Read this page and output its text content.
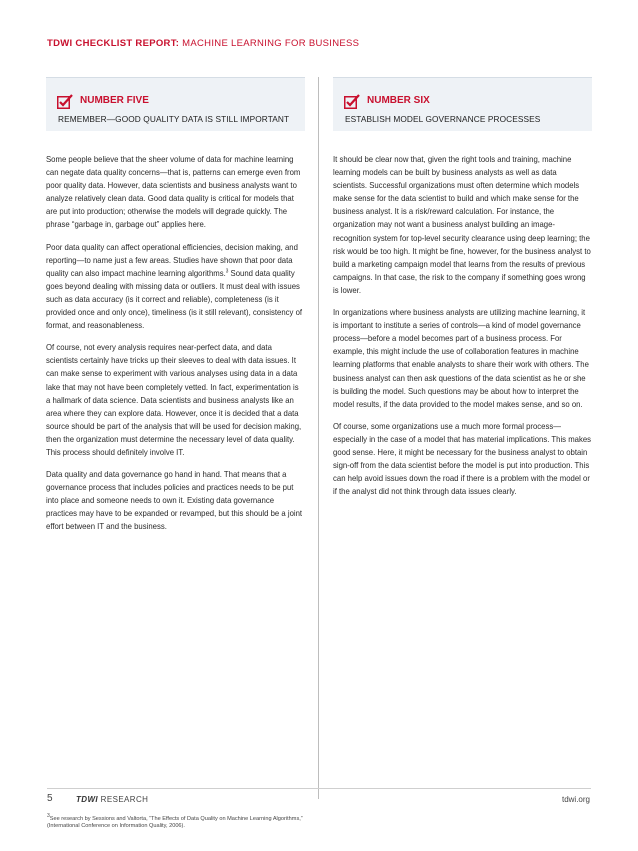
TDWI CHECKLIST REPORT: MACHINE LEARNING FOR BUSINESS
NUMBER FIVE
REMEMBER—GOOD QUALITY DATA IS STILL IMPORTANT

Some people believe that the sheer volume of data for machine learning can negate data quality concerns—that is, patterns can emerge even from poor quality data. However, data scientists and business analysts want to analyze relatively clean data. Good data quality is critical for models that are put into production; otherwise the models will degrade quickly. The phrase “garbage in, garbage out” applies here.

Poor data quality can affect operational efficiencies, decision making, and reporting—to name just a few areas. Studies have shown that poor data quality can also impact machine learning algorithms.$^3$ Sound data quality goes beyond dealing with missing data or outliers. It must deal with issues such as data accuracy (is it correct and reliable), completeness (is it provided once and only once), timeliness (is it still relevant), consistency of format, and reasonableness.

Of course, not every analysis requires near-perfect data, and data scientists certainly have tricks up their sleeves to deal with data issues. It can make sense to experiment with various analyses using data in a data lake that may not have been completely vetted. In fact, experimentation is a hallmark of data science. Data scientists and business analysts like an area where they can explore data. However, once it is decided that a data source should be part of the analysis that will be used for decision making, then the organization must determine the necessary level of data quality. This process should definitely involve IT.

Data quality and data governance go hand in hand. That means that a governance process that includes policies and practices needs to be put into place and someone needs to own it. Existing data governance practices may have to be expanded or revamped, but this should be a joint effort between IT and the business.

NUMBER SIX
ESTABLISH MODEL GOVERNANCE PROCESSES

It should be clear now that, given the right tools and training, machine learning models can be built by business analysts as well as data scientists. Successful organizations must often determine which models make sense for the data scientist to build and which make sense for the business analyst. It is a risk/reward calculation. For instance, the organization may not want a business analyst building an image-recognition system for top-level security clearance using deep learning; the risk would be too high. It might be fine, however, for the business analyst to build a marketing campaign model that learns from the results of previous campaigns. In that case, the risk to the company if something goes wrong is lower.

In organizations where business analysts are utilizing machine learning, it is important to institute a series of controls—a kind of model governance process—before a model becomes part of a business process. For example, this might include the use of collaboration features in machine learning platforms that enable analysts to share their work with others. The business analyst can then ask questions of the data scientist as he or she is building the model. Such questions may be about how to interpret the model results, if the data provided to the model makes sense, and so on.

Of course, some organizations use a much more formal process—especially in the case of a model that has material implications. This makes good sense. Here, it might be necessary for the business analyst to obtain sign-off from the data scientist before the model is put into production. This can help avoid issues down the road if there is a problem with the model or if the analyst did not think through data issues clearly.

5	TDWI RESEARCH	tdwi.org
$^3$See research by Sessions and Valtorta, “The Effects of Data Quality on Machine Learning Algorithms,” (International Conference on Information Quality, 2006).
